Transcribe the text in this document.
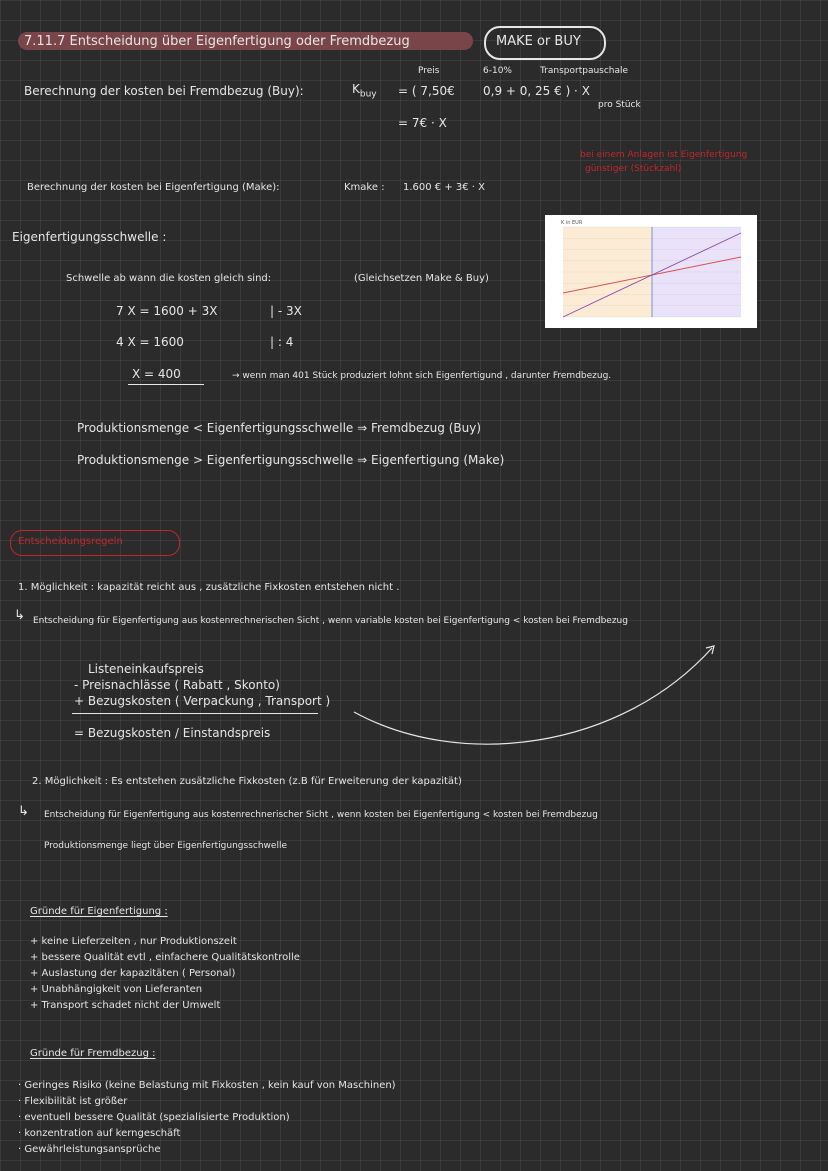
7.11.7 Entscheidung über Eigenfertigung oder Fremdbezug	MAKE or BUY
Preis	6-10%	Transportpauschale
Berechnung der kosten bei Fremdbezug (Buy):	$K_{buy}$ = ( 7,50€ 0,9 + 0, 25 € ) · X
pro Stück
= 7€ · X
bei einem Anlagen ist Eigenfertigung
günstiger (Stückzahl)
Berechnung der kosten bei Eigenfertigung (Make):	Kmake : 1.600 € + 3€ · X
K in EUR
Eigenfertigungsschwelle :
Schwelle ab wann die kosten gleich sind:	(Gleichsetzen Make & Buy)
7 X = 1600 + 3X	| - 3X
4 X = 1600	| : 4
X = 400	→ wenn man 401 Stück produziert lohnt sich Eigenfertigund , darunter Fremdbezug.
Produktionsmenge < Eigenfertigungsschwelle ⇒ Fremdbezug (Buy)
Produktionsmenge > Eigenfertigungsschwelle ⇒ Eigenfertigung (Make)
Entscheidungsregeln
1. Möglichkeit : kapazität reicht aus , zusätzliche Fixkosten entstehen nicht .
↳ Entscheidung für Eigenfertigung aus kostenrechnerischen Sicht , wenn variable kosten bei Eigenfertigung < kosten bei Fremdbezug
Listeneinkaufspreis
- Preisnachlässe ( Rabatt , Skonto)
+ Bezugskosten ( Verpackung , Transport )
= Bezugskosten / Einstandspreis
2. Möglichkeit : Es entstehen zusätzliche Fixkosten (z.B für Erweiterung der kapazität)
↳ Entscheidung für Eigenfertigung aus kostenrechnerischer Sicht , wenn kosten bei Eigenfertigung < kosten bei Fremdbezug
Produktionsmenge liegt über Eigenfertigungsschwelle
Gründe für Eigenfertigung :
+ keine Lieferzeiten , nur Produktionszeit
+ bessere Qualität evtl , einfachere Qualitätskontrolle
+ Auslastung der kapazitäten ( Personal)
+ Unabhängigkeit von Lieferanten
+ Transport schadet nicht der Umwelt
Gründe für Fremdbezug :
· Geringes Risiko (keine Belastung mit Fixkosten , kein kauf von Maschinen)
· Flexibilität ist größer
· eventuell bessere Qualität (spezialisierte Produktion)
· konzentration auf kerngeschäft
· Gewährleistungsansprüche
